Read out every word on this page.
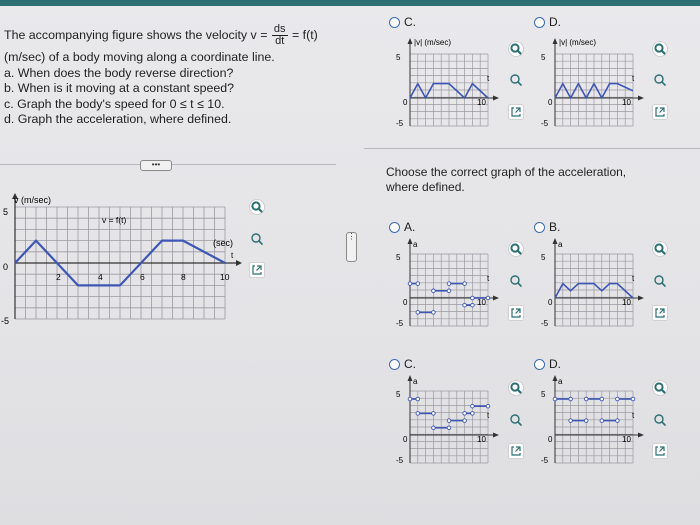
The accompanying figure shows the velocity $v = \frac{ds}{dt} = f(t)$
(m/sec) of a body moving along a coordinate line.
a. When does the body reverse direction?
b. When is it moving at a constant speed?
c. Graph the body's speed for 0 ≤ t ≤ 10.
d. Graph the acceleration, where defined.
•••
⋮
v (m/sec)
v = f(t)
(sec)
t
5
0
-5
2	4	6	8	10
C.	D.
|v| (m/sec)
5
0
-5
10
t
|v| (m/sec)
5
0
-5
10
t
Choose the correct graph of the acceleration, where defined.
A.	B.
C.	D.
a
5
0
-5
10
t
a
5
0
-5
10
t
a
5
0
-5
10
t
a
5
0
-5
10
t
